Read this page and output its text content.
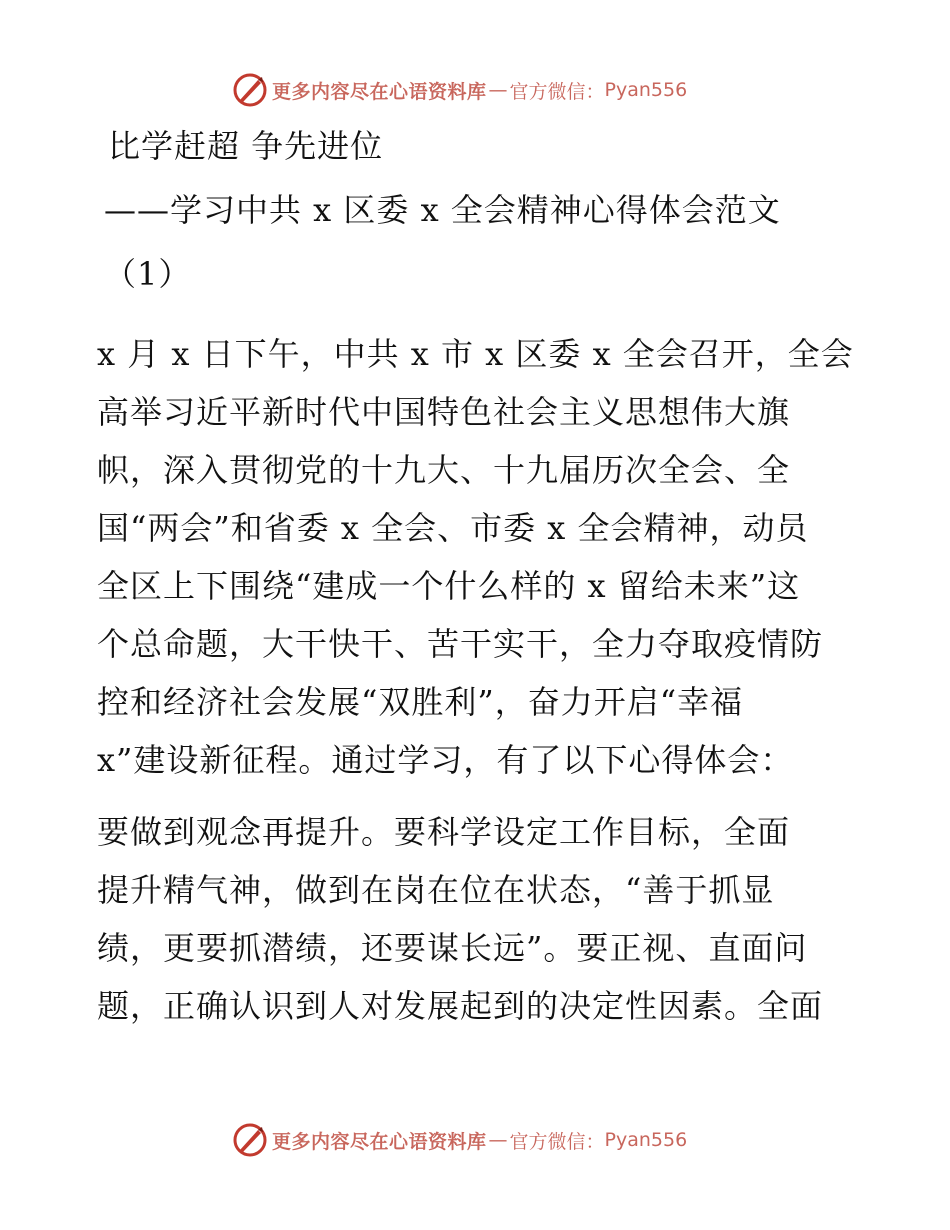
更多内容尽在心语资料库 — 官方微信： Pyan556
比学赶超 争先进位
——学习中共 x 区委 x 全会精神心得体会范文
（1）
x 月 x 日下午，中共 x 市 x 区委 x 全会召开，全会
高举习近平新时代中国特色社会主义思想伟大旗
帜，深入贯彻党的十九大、十九届历次全会、全
国“两会”和省委 x 全会、市委 x 全会精神，动员
全区上下围绕“建成一个什么样的 x 留给未来”这
个总命题，大干快干、苦干实干，全力夺取疫情防
控和经济社会发展“双胜利”，奋力开启“幸福
x”建设新征程。通过学习，有了以下心得体会：
要做到观念再提升。要科学设定工作目标，全面
提升精气神，做到在岗在位在状态，“善于抓显
绩，更要抓潜绩，还要谋长远”。要正视、直面问
题，正确认识到人对发展起到的决定性因素。全面
更多内容尽在心语资料库 — 官方微信： Pyan556
